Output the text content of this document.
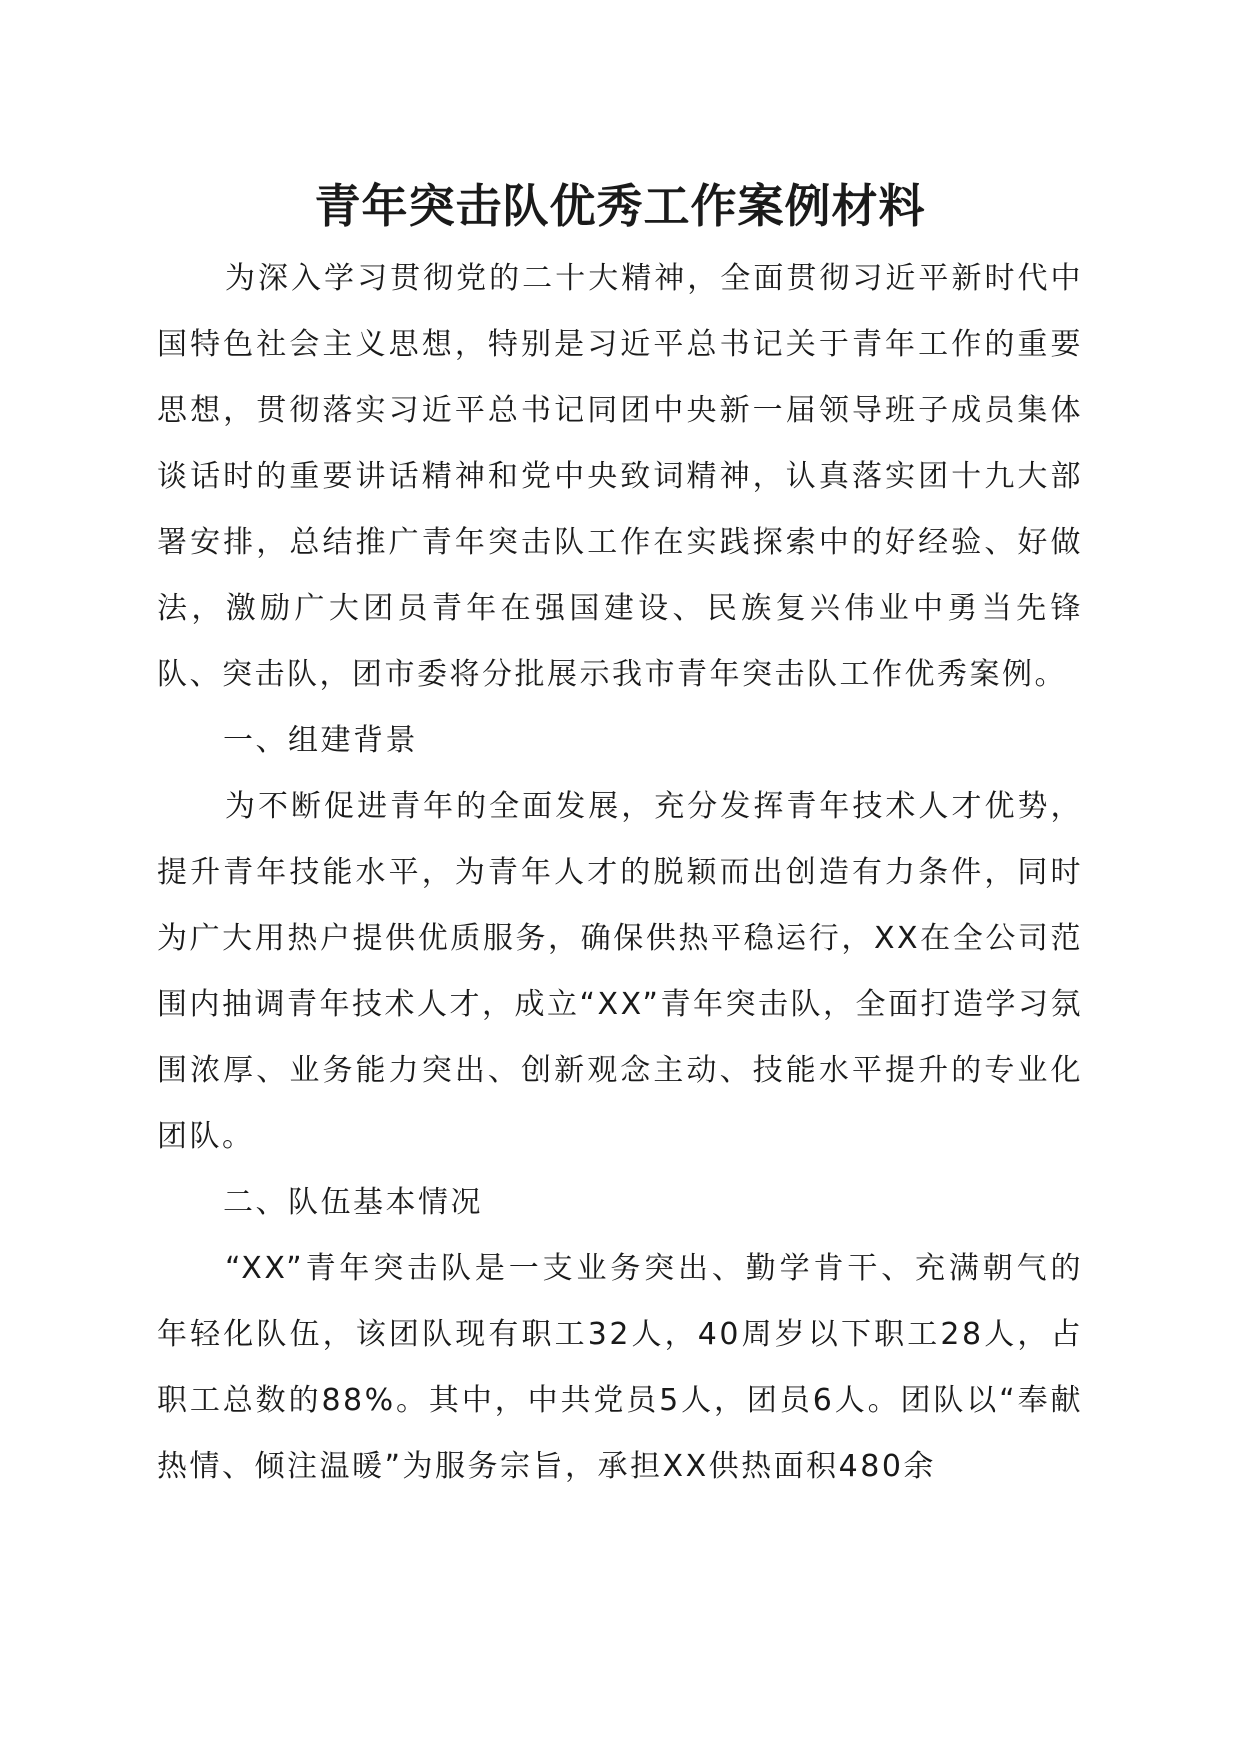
青年突击队优秀工作案例材料

为深入学习贯彻党的二十大精神，全面贯彻习近平新时代中国特色社会主义思想，特别是习近平总书记关于青年工作的重要思想，贯彻落实习近平总书记同团中央新一届领导班子成员集体谈话时的重要讲话精神和党中央致词精神，认真落实团十九大部署安排，总结推广青年突击队工作在实践探索中的好经验、好做法，激励广大团员青年在强国建设、民族复兴伟业中勇当先锋队、突击队，团市委将分批展示我市青年突击队工作优秀案例。

一、组建背景

为不断促进青年的全面发展，充分发挥青年技术人才优势，提升青年技能水平，为青年人才的脱颖而出创造有力条件，同时为广大用热户提供优质服务，确保供热平稳运行，XX在全公司范围内抽调青年技术人才，成立“XX”青年突击队，全面打造学习氛围浓厚、业务能力突出、创新观念主动、技能水平提升的专业化团队。

二、队伍基本情况

“XX”青年突击队是一支业务突出、勤学肯干、充满朝气的年轻化队伍，该团队现有职工32人，40周岁以下职工28人，占职工总数的88%。其中，中共党员5人，团员6人。团队以“奉献热情、倾注温暖”为服务宗旨，承担XX供热面积480余
